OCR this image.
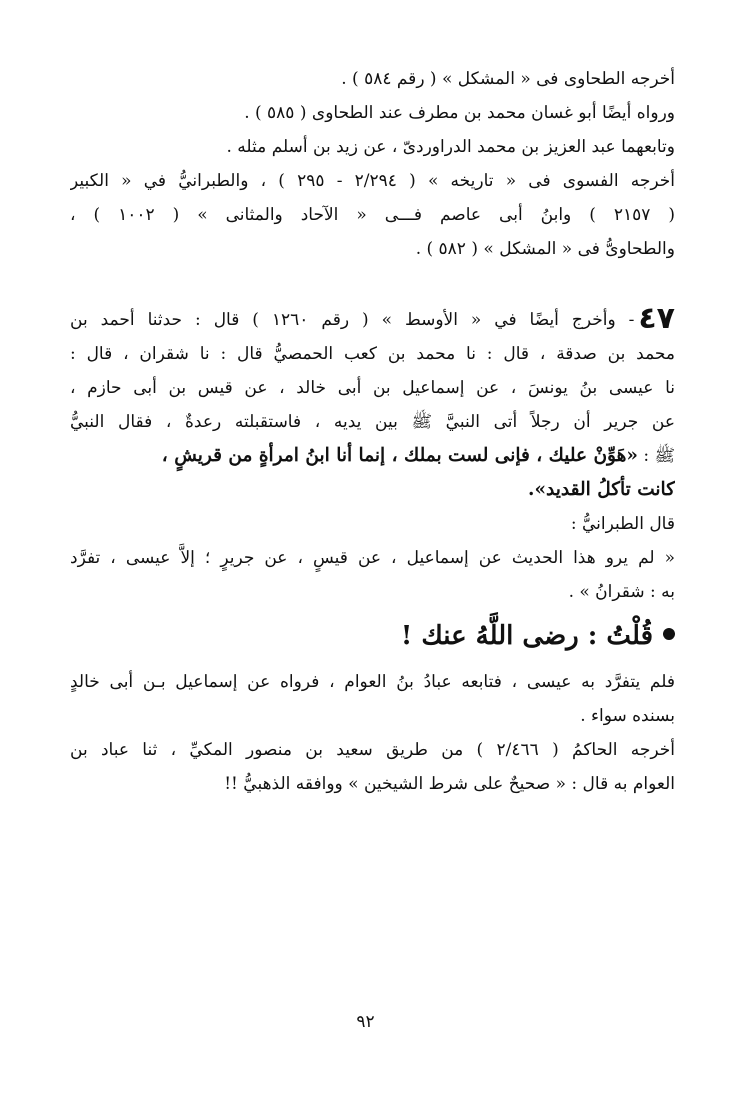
أخرجه الطحاوى فى « المشكل » ( رقم ٥٨٤ ) .
ورواه أيضًا أبو غسان محمد بن مطرف عند الطحاوى ( ٥٨٥ ) .
وتابعهما عبد العزيز بن محمد الدراوردىّ ، عن زيد بن أسلم مثله .
أخرجه الفسوى فى « تاريخه » ( ٢/٢٩٤ - ٢٩٥ ) ، والطبرانيُّ في « الكبير
( ٢١٥٧ ) وابنُ أبى عاصم فـــى « الآحاد والمثانى » ( ١٠٠٢ ) ،
والطحاوىُّ فى « المشكل » ( ٥٨٢ ) .
٤٧- وأخرج أيضًا في « الأوسط » ( رقم ١٢٦٠ ) قال : حدثنا أحمد بن
محمد بن صدقة ، قال : نا محمد بن كعب الحمصيُّ قال : نا شقران ، قال :
نا عيسى بنُ يونسَ ، عن إسماعيل بن أبى خالد ، عن قيس بن أبى حازم ،
عن جرير أن رجلاً أتى النبيَّ ﷺ بين يديه ، فاستقبلته رعدةٌ ، فقال النبيُّ
ﷺ : «هَوِّنْ عليك ، فإنى لست بملك ، إنما أنا ابنُ امرأةٍ من قريشٍ ،
كانت تأكلُ القديد».
قال الطبرانيُّ :
« لم يرو هذا الحديث عن إسماعيل ، عن قيسٍ ، عن جريرٍ ؛ إلاَّ عيسى ، تفرَّد
به : شقرانُ » .
قُلْتُ : رضى اللَّهُ عنك !
فلم يتفرَّد به عيسى ، فتابعه عبادُ بنُ العوام ، فرواه عن إسماعيل بـن أبى خالدٍ
بسنده سواء .
أخرجه الحاكمُ ( ٢/٤٦٦ ) من طريق سعيد بن منصور المكيِّ ، ثنا عباد بن
العوام به قال : « صحيحٌ على شرط الشيخين » ووافقه الذهبيُّ !!
٩٢
